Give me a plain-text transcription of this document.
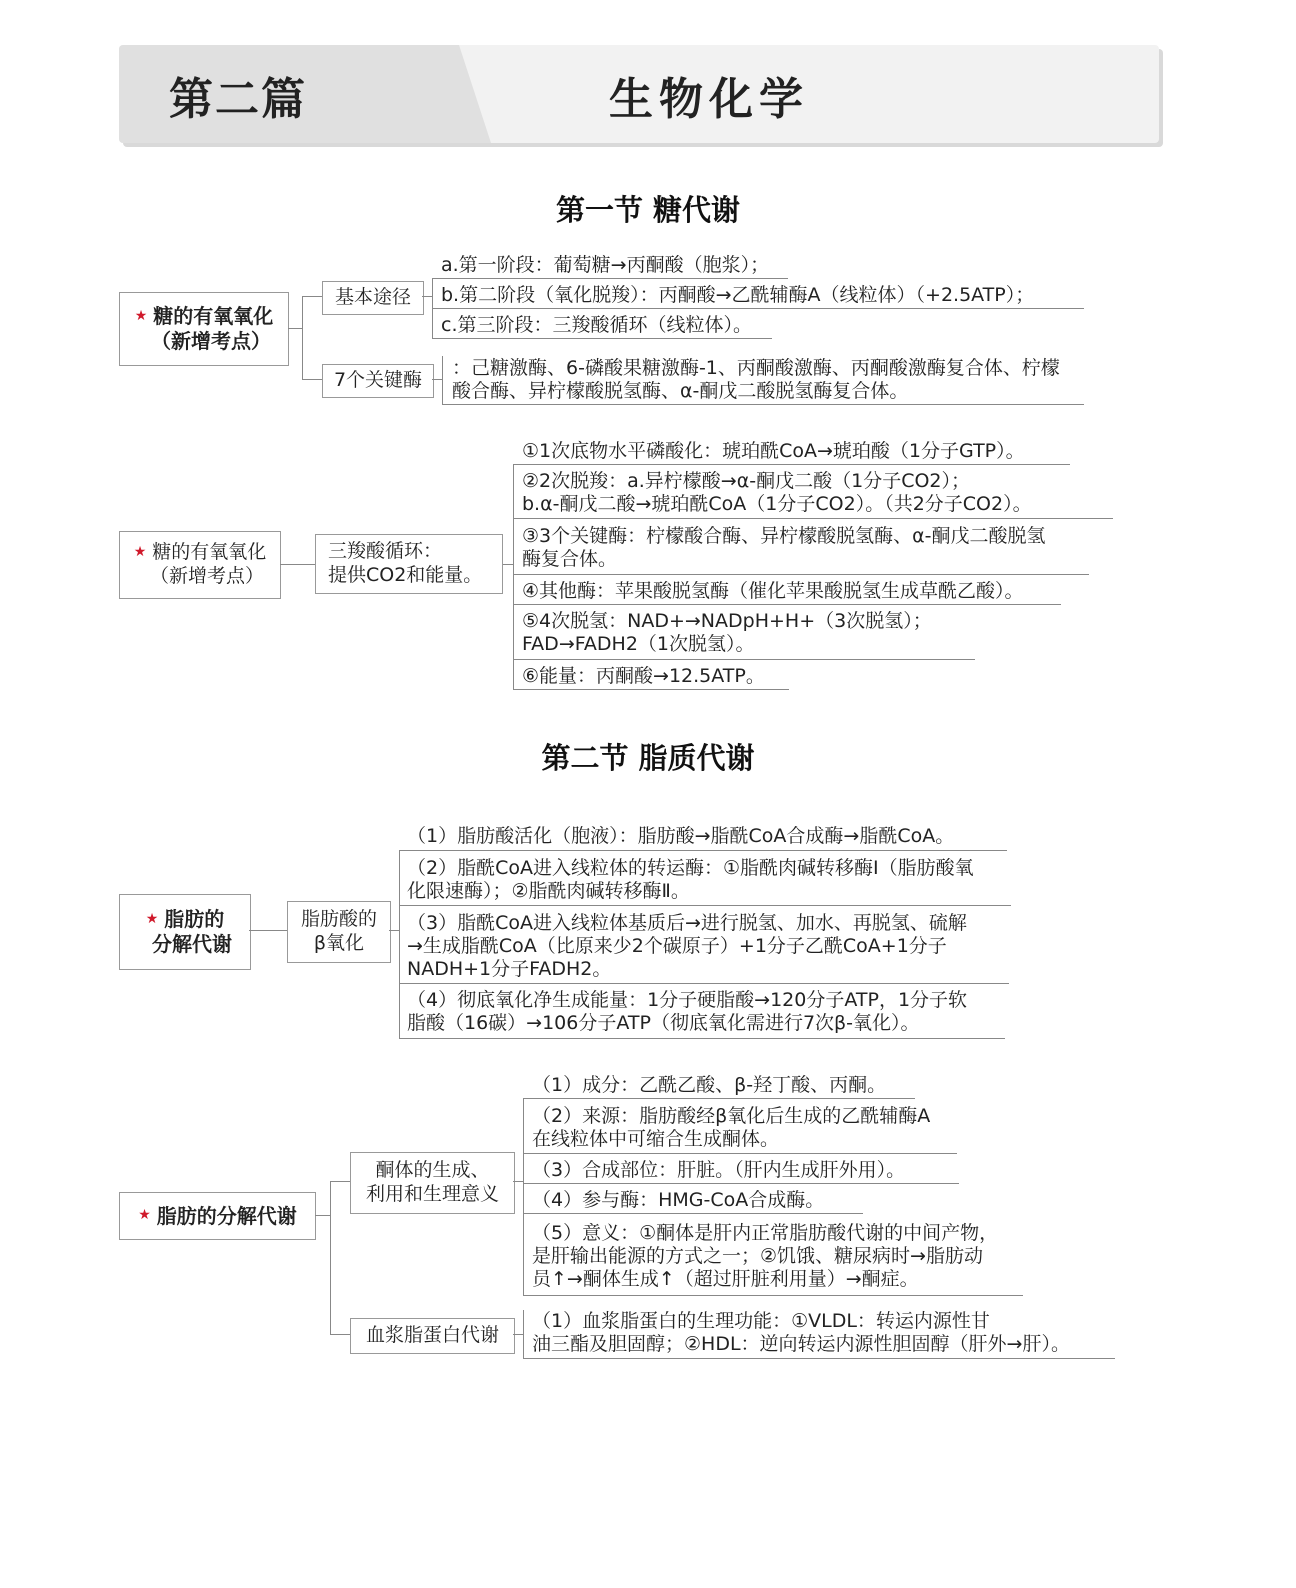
第二篇	生物化学
第一节 糖代谢
★ 糖的有氧氧化
（新增考点）
基本途径
a.第一阶段：葡萄糖→丙酮酸（胞浆）；
b.第二阶段（氧化脱羧）：丙酮酸→乙酰辅酶A（线粒体）（+2.5ATP）；
c.第三阶段：三羧酸循环（线粒体）。
7个关键酶
：己糖激酶、6-磷酸果糖激酶-1、丙酮酸激酶、丙酮酸激酶复合体、柠檬
酸合酶、异柠檬酸脱氢酶、α-酮戊二酸脱氢酶复合体。
★ 糖的有氧氧化
（新增考点）
三羧酸循环：
提供CO2和能量。
①1次底物水平磷酸化：琥珀酰CoA→琥珀酸（1分子GTP）。
②2次脱羧：a.异柠檬酸→α-酮戊二酸（1分子CO2）；
b.α-酮戊二酸→琥珀酰CoA（1分子CO2）。（共2分子CO2）。
③3个关键酶：柠檬酸合酶、异柠檬酸脱氢酶、α-酮戊二酸脱氢
酶复合体。
④其他酶：苹果酸脱氢酶（催化苹果酸脱氢生成草酰乙酸）。
⑤4次脱氢：NAD+→NADpH+H+（3次脱氢）；
FAD→FADH2（1次脱氢）。
⑥能量：丙酮酸→12.5ATP。
第二节 脂质代谢
★ 脂肪的
分解代谢
脂肪酸的
β氧化
（1）脂肪酸活化（胞液）：脂肪酸→脂酰CoA合成酶→脂酰CoA。
（2）脂酰CoA进入线粒体的转运酶：①脂酰肉碱转移酶I（脂肪酸氧
化限速酶）；②脂酰肉碱转移酶Ⅱ。
（3）脂酰CoA进入线粒体基质后→进行脱氢、加水、再脱氢、硫解
→生成脂酰CoA（比原来少2个碳原子）+1分子乙酰CoA+1分子
NADH+1分子FADH2。
（4）彻底氧化净生成能量：1分子硬脂酸→120分子ATP，1分子软
脂酸（16碳）→106分子ATP（彻底氧化需进行7次β-氧化）。
★ 脂肪的分解代谢
酮体的生成、
利用和生理意义
（1）成分：乙酰乙酸、β-羟丁酸、丙酮。
（2）来源：脂肪酸经β氧化后生成的乙酰辅酶A
在线粒体中可缩合生成酮体。
（3）合成部位：肝脏。（肝内生成肝外用）。
（4）参与酶：HMG-CoA合成酶。
（5）意义：①酮体是肝内正常脂肪酸代谢的中间产物，
是肝输出能源的方式之一；②饥饿、糖尿病时→脂肪动
员↑→酮体生成↑（超过肝脏利用量）→酮症。
血浆脂蛋白代谢
（1）血浆脂蛋白的生理功能：①VLDL：转运内源性甘
油三酯及胆固醇；②HDL：逆向转运内源性胆固醇（肝外→肝）。
